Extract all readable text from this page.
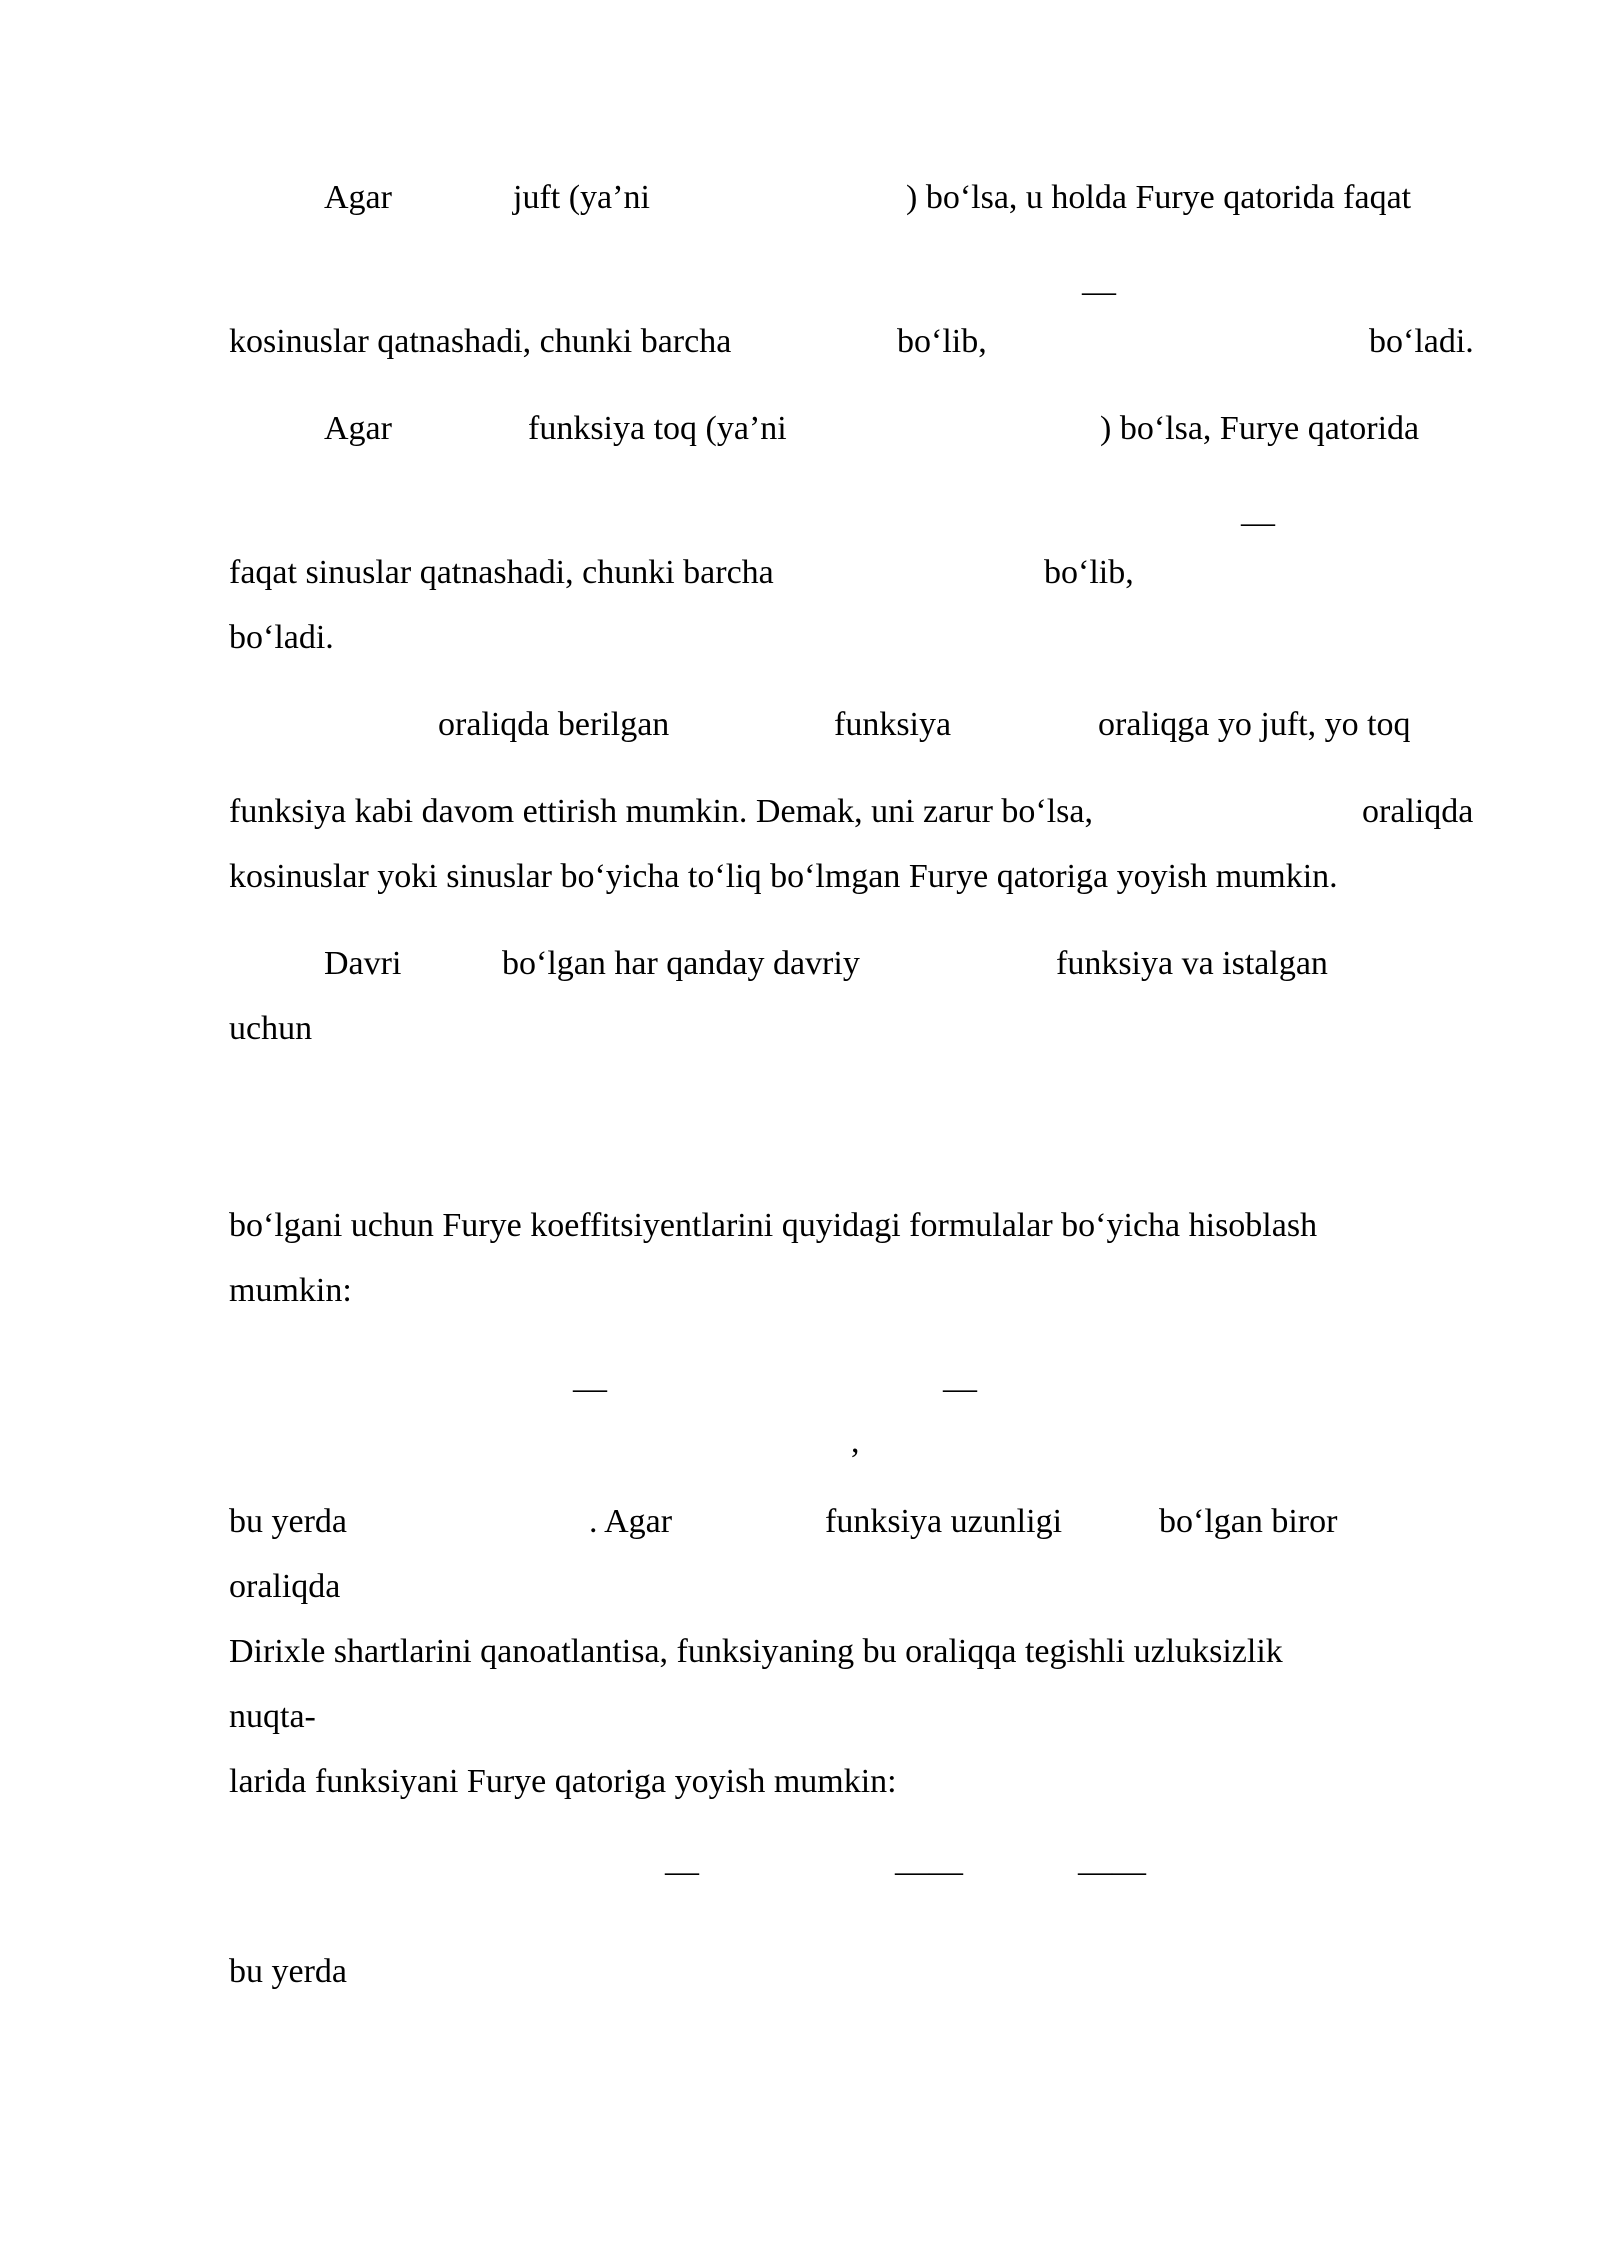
Agar	juft (ya’ni	) bo‘lsa, u holda Furye qatorida faqat
—
kosinuslar qatnashadi, chunki barcha	bo‘lib,	bo‘ladi.
Agar	funksiya toq (ya’ni	) bo‘lsa, Furye qatorida
—
faqat sinuslar qatnashadi, chunki barcha	bo‘lib,
bo‘ladi.
oraliqda berilgan	funksiya	oraliqga yo juft, yo toq
funksiya kabi davom ettirish mumkin. Demak, uni zarur bo‘lsa,	oraliqda
kosinuslar yoki sinuslar bo‘yicha to‘liq bo‘lmgan Furye qatoriga yoyish mumkin.
Davri	bo‘lgan har qanday davriy	funksiya va istalgan
uchun
bo‘lgani uchun Furye koeffitsiyentlarini quyidagi formulalar bo‘yicha hisoblash
mumkin:
—	—
,
bu yerda	. Agar	funksiya uzunligi	bo‘lgan biror
oraliqda
Dirixle shartlarini qanoatlantisa, funksiyaning bu oraliqqa tegishli uzluksizlik
nuqta-
larida funksiyani Furye qatoriga yoyish mumkin:
—	——	——
bu yerda
